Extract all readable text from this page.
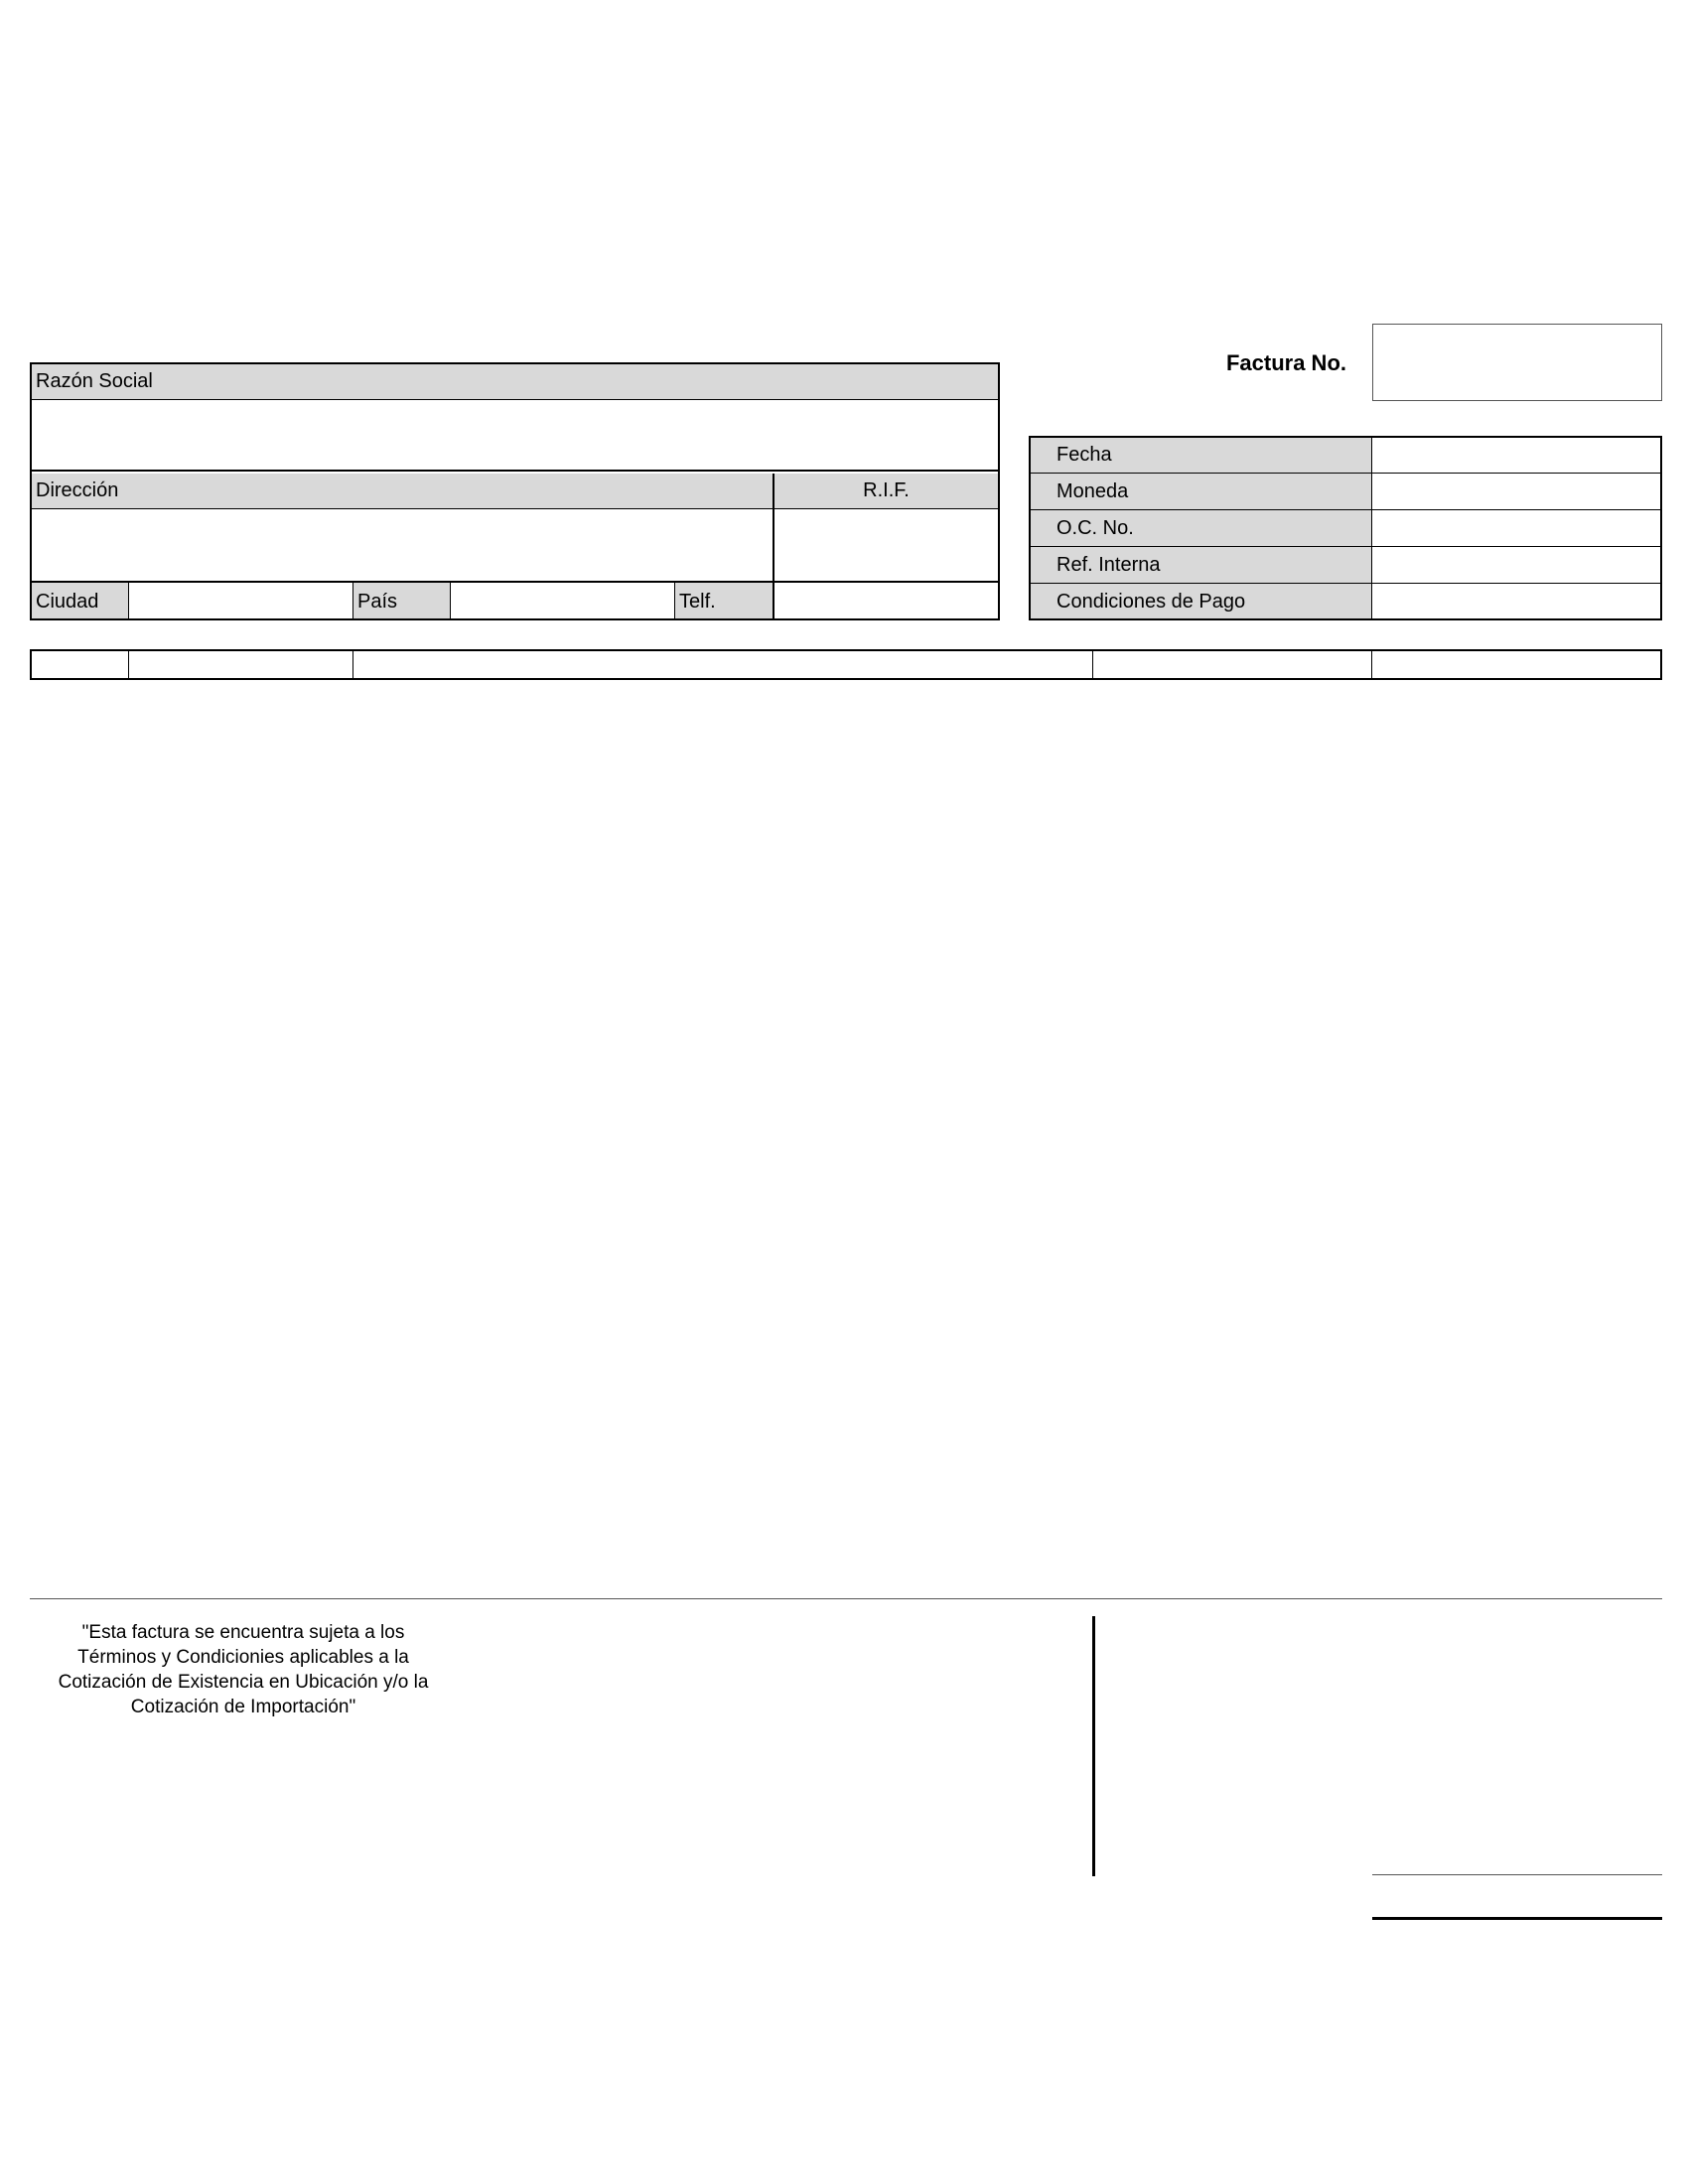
Factura No.
Razón Social
Dirección	R.I.F.
Ciudad	País	Telf.
Fecha
Moneda
O.C. No.
Ref. Interna
Condiciones de Pago
"Esta factura se encuentra sujeta a los
Términos y Condicionies aplicables a la
Cotización de Existencia en Ubicación y/o la
Cotización de Importación"
